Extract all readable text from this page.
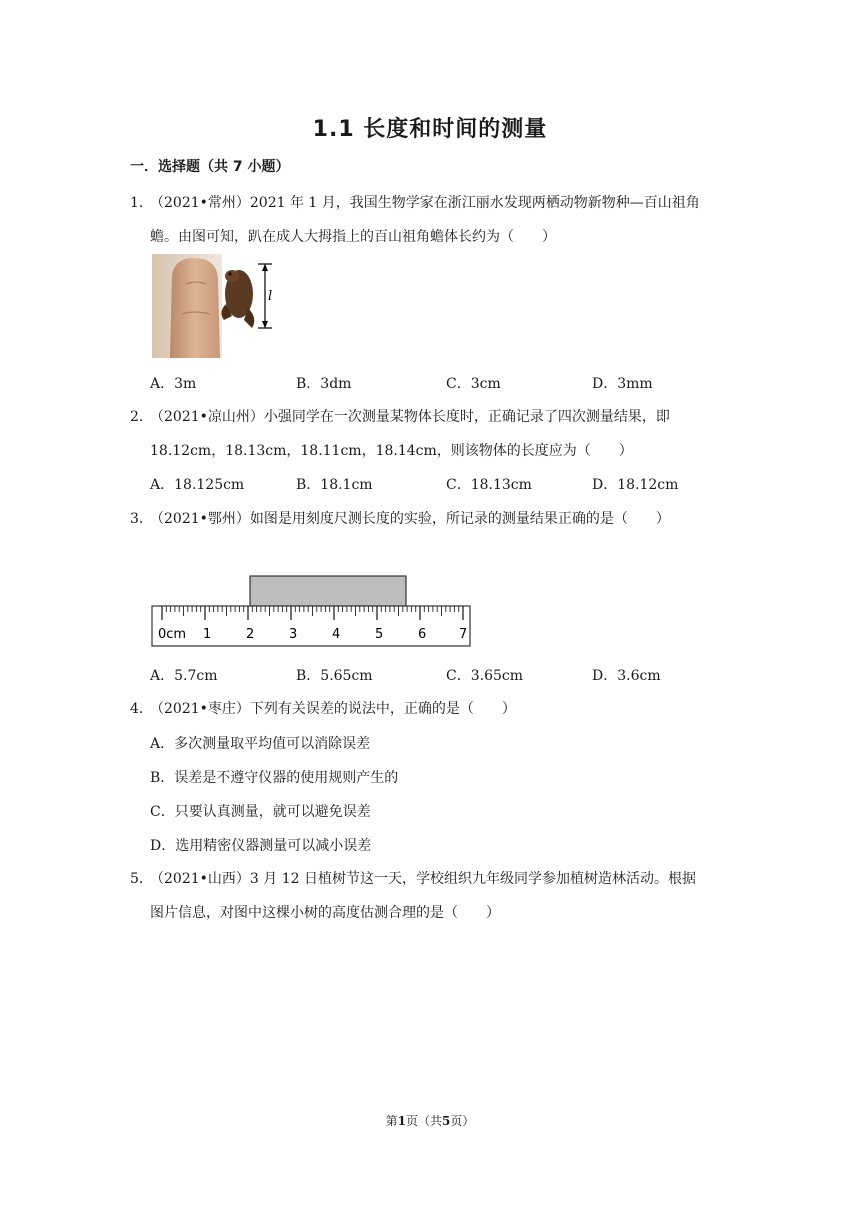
1.1 长度和时间的测量
一．选择题（共 7 小题）
1．
（2021•常州）2021 年 1 月，我国生物学家在浙江丽水发现两栖动物新物种—百山祖角
蟾。由图可知，趴在成人大拇指上的百山祖角蟾体长约为（　　）
l
A．3m	B．3dm	C．3cm	D．3mm
2．
（2021•凉山州）小强同学在一次测量某物体长度时，正确记录了四次测量结果，即
18.12cm，18.13cm，18.11cm，18.14cm，则该物体的长度应为（　　）
A．18.125cm	B．18.1cm	C．18.13cm	D．18.12cm
3．
（2021•鄂州）如图是用刻度尺测长度的实验，所记录的测量结果正确的是（　　）
0cm 1	2	3	4	5	6	7
A．5.7cm	B．5.65cm	C．3.65cm	D．3.6cm
4．
（2021•枣庄）下列有关误差的说法中，正确的是（　　）
A．多次测量取平均值可以消除误差
B．误差是不遵守仪器的使用规则产生的
C．只要认真测量，就可以避免误差
D．选用精密仪器测量可以减小误差
5．
（2021•山西）3 月 12 日植树节这一天，学校组织九年级同学参加植树造林活动。根据
图片信息，对图中这棵小树的高度估测合理的是（　　）
第1页（共5页）
